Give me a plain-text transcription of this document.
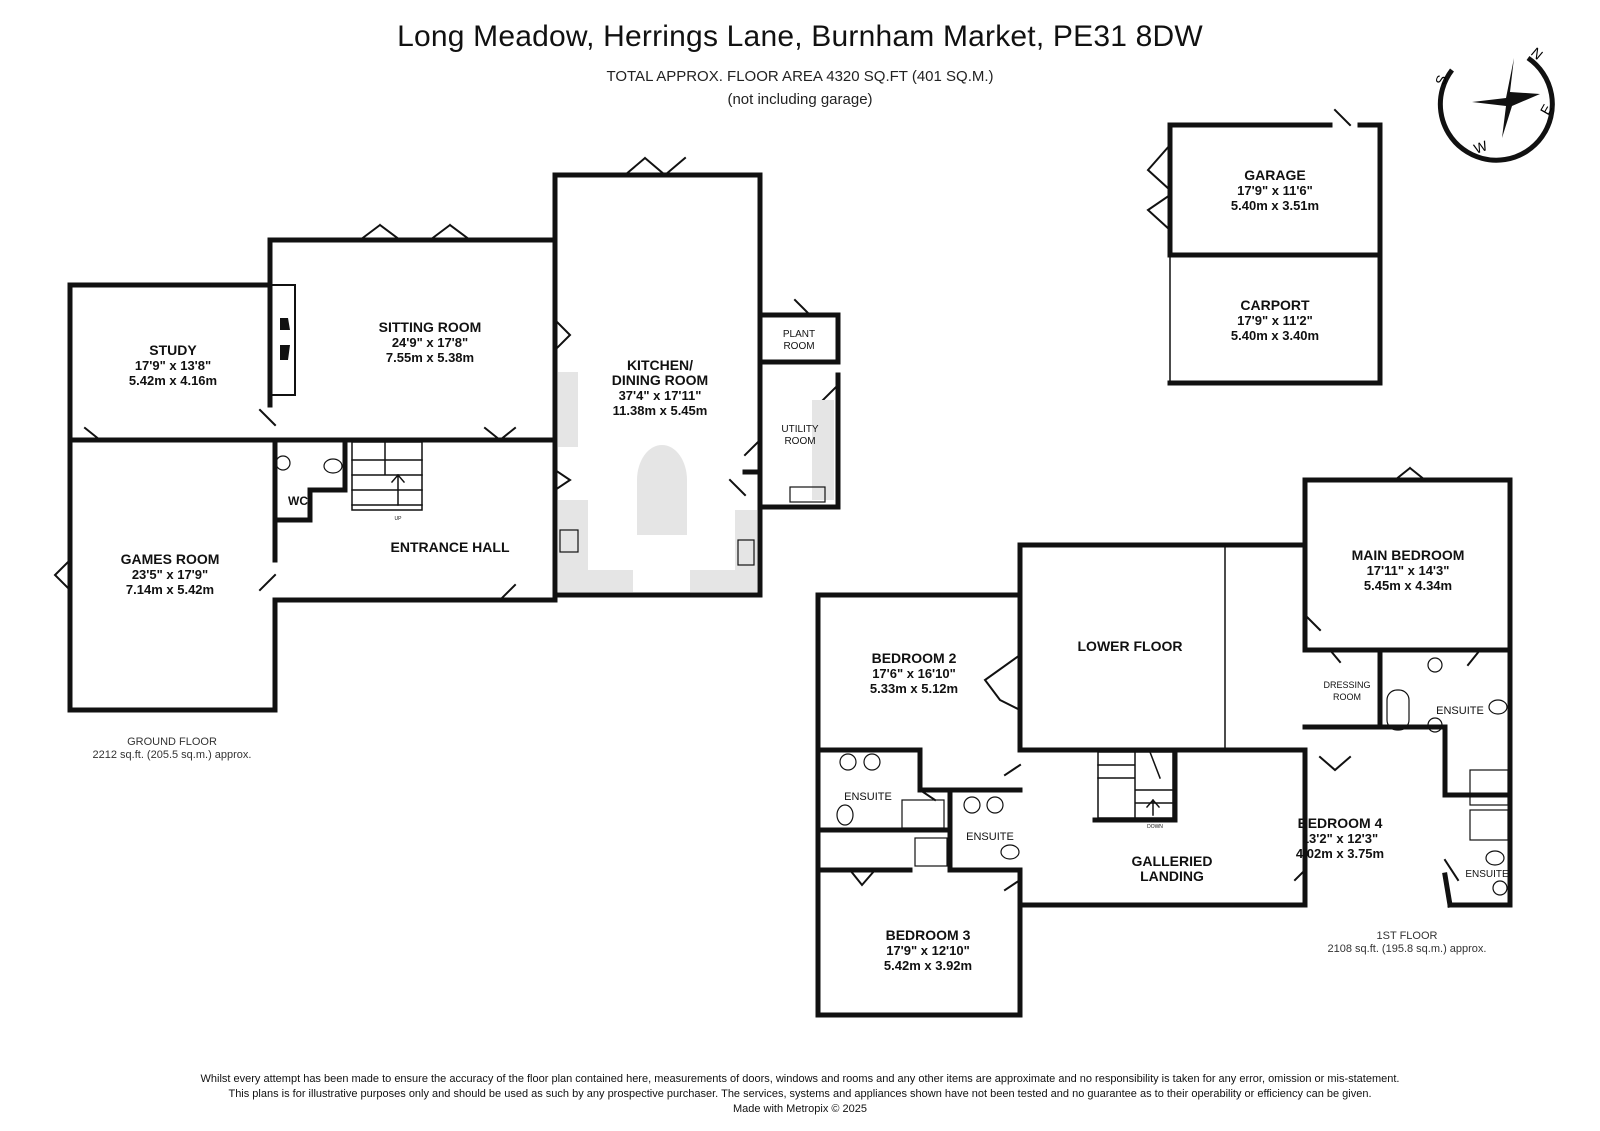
Long Meadow, Herrings Lane, Burnham Market, PE31 8DW
TOTAL APPROX. FLOOR AREA 4320 SQ.FT (401 SQ.M.)
(not including garage)
N
E
S
W
STUDY
17'9" x 13'8"
5.42m x 4.16m
SITTING ROOM
24'9" x 17'8"
7.55m x 5.38m	KITCHEN/
DINING ROOM
37'4" x 17'11"
11.38m x 5.45m
PLANT
ROOM
UTILITY
ROOM
WC
ENTRANCE HALL
UP
GAMES ROOM
23'5" x 17'9"
7.14m x 5.42m
GARAGE
17'9" x 11'6"
5.40m x 3.51m
CARPORT
17'9" x 11'2"
5.40m x 3.40m
MAIN BEDROOM
17'11" x 14'3"
5.45m x 4.34m
BEDROOM 2
17'6" x 16'10"
5.33m x 5.12m
LOWER FLOOR
DRESSING
ROOM
ENSUITE
ENSUITE
ENSUITE
ENSUITE
BEDROOM 4
13'2" x 12'3"
4.02m x 3.75m
GALLERIED
LANDING
DOWN
BEDROOM 3
17'9" x 12'10"
5.42m x 3.92m
GROUND FLOOR
2212 sq.ft. (205.5 sq.m.) approx.
1ST FLOOR
2108 sq.ft. (195.8 sq.m.) approx.
Whilst every attempt has been made to ensure the accuracy of the floor plan contained here, measurements of doors, windows and rooms and any other items are approximate and no responsibility is taken for any error, omission or mis-statement.
This plans is for illustrative purposes only and should be used as such by any prospective purchaser. The services, systems and appliances shown have not been tested and no guarantee as to their operability or efficiency can be given.
Made with Metropix © 2025
